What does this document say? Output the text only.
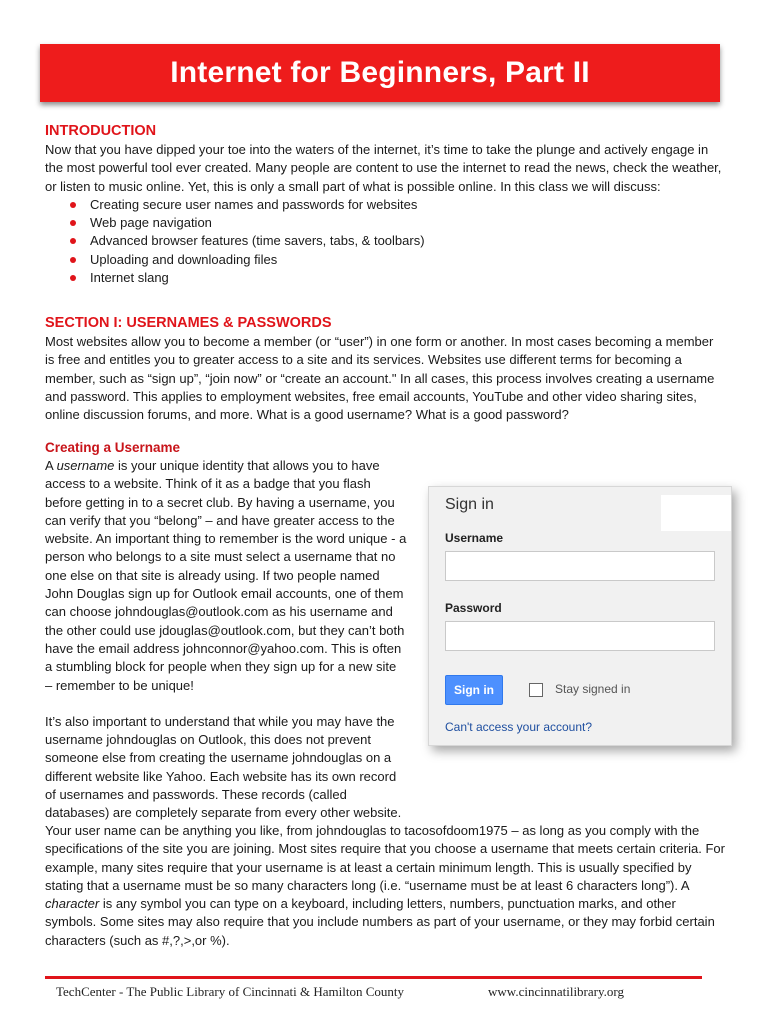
Internet for Beginners, Part II

INTRODUCTION

Now that you have dipped your toe into the waters of the internet, it’s time to take the plunge and actively engage in the most powerful tool ever created. Many people are content to use the internet to read the news, check the weather, or listen to music online. Yet, this is only a small part of what is possible online. In this class we will discuss:

Creating secure user names and passwords for websites
Web page navigation
Advanced browser features (time savers, tabs, & toolbars)
Uploading and downloading files
Internet slang

SECTION I: USERNAMES & PASSWORDS

Most websites allow you to become a member (or “user”) in one form or another. In most cases becoming a member is free and entitles you to greater access to a site and its services. Websites use different terms for becoming a member, such as “sign up”, “join now” or “create an account." In all cases, this process involves creating a username and password. This applies to employment websites, free email accounts, YouTube and other video sharing sites, online discussion forums, and more. What is a good username? What is a good password?

Creating a Username

A username is your unique identity that allows you to have access to a website. Think of it as a badge that you flash before getting in to a secret club. By having a username, you can verify that you “belong” – and have greater access to the website. An important thing to remember is the word unique - a person who belongs to a site must select a username that no one else on that site is already using. If two people named John Douglas sign up for Outlook email accounts, one of them can choose johndouglas@outlook.com as his username and the other could use jdouglas@outlook.com, but they can’t both have the email address johnconnor@yahoo.com. This is often a stumbling block for people when they sign up for a new site – remember to be unique!

It’s also important to understand that while you may have the username johndouglas on Outlook, this does not prevent someone else from creating the username johndouglas on a different website like Yahoo. Each website has its own record of usernames and passwords. These records (called databases) are completely separate from every other website.

Your user name can be anything you like, from johndouglas to tacosofdoom1975 – as long as you comply with the specifications of the site you are joining. Most sites require that you choose a username that meets certain criteria. For example, many sites require that your username is at least a certain minimum length. This is usually specified by stating that a username must be so many characters long (i.e. “username must be at least 6 characters long”). A character is any symbol you can type on a keyboard, including letters, numbers, punctuation marks, and other symbols. Some sites may also require that you include numbers as part of your username, or they may forbid certain characters (such as #,?,>,or %).

Sign in
Username
Password
Sign in	Stay signed in
Can't access your account?
TechCenter - The Public Library of Cincinnati & Hamilton County	www.cincinnatilibrary.org
